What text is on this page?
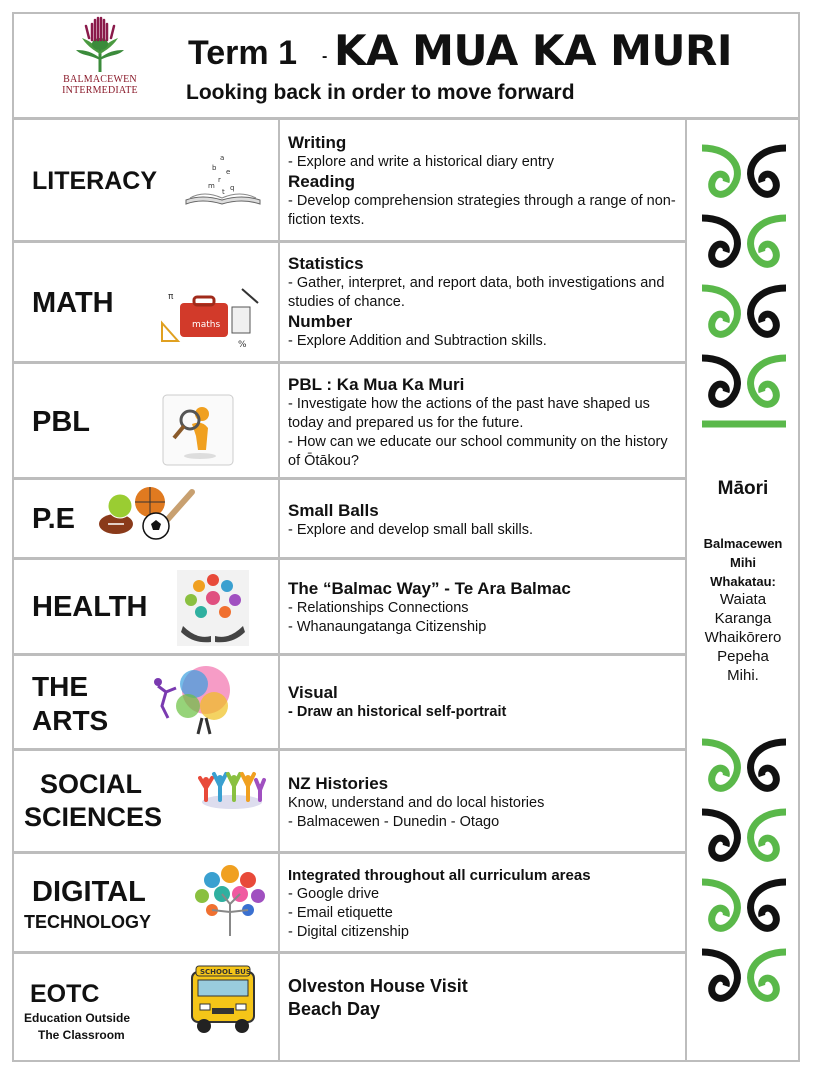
BALMACEWEN
INTERMEDIATE
Term 1 - KA MUA KA MURI
Looking back in order to move forward
LITERACY
a
b e
r
m q
t
Writing
- Explore and write a historical diary entry
Reading
- Develop comprehension strategies through a range of non-fiction texts.
MATH
maths
π
%
Statistics
- Gather, interpret, and report data, both investigations and studies of chance.
Number
- Explore Addition and Subtraction skills.
PBL
PBL : Ka Mua Ka Muri
- Investigate how the actions of the past have shaped us today and prepared us for the future.
- How can we educate our school community on the history of Ōtākou?
P.E	Small Balls
- Explore and develop small ball skills.
HEALTH
The “Balmac Way” - Te Ara Balmac
- Relationships Connections
- Whanaungatanga Citizenship
THE
ARTS
Visual
- Draw an historical self-portrait
SOCIAL
SCIENCES
NZ Histories
Know, understand and do local histories
- Balmacewen - Dunedin - Otago
DIGITAL
TECHNOLOGY
Integrated throughout all curriculum areas
- Google drive
- Email etiquette
- Digital citizenship
EOTC
Education Outside
The Classroom
SCHOOL BUS
Olveston House Visit
Beach Day
Māori
Balmacewen
Mihi
Whakatau:
Waiata
Karanga
Whaikōrero
Pepeha
Mihi.
